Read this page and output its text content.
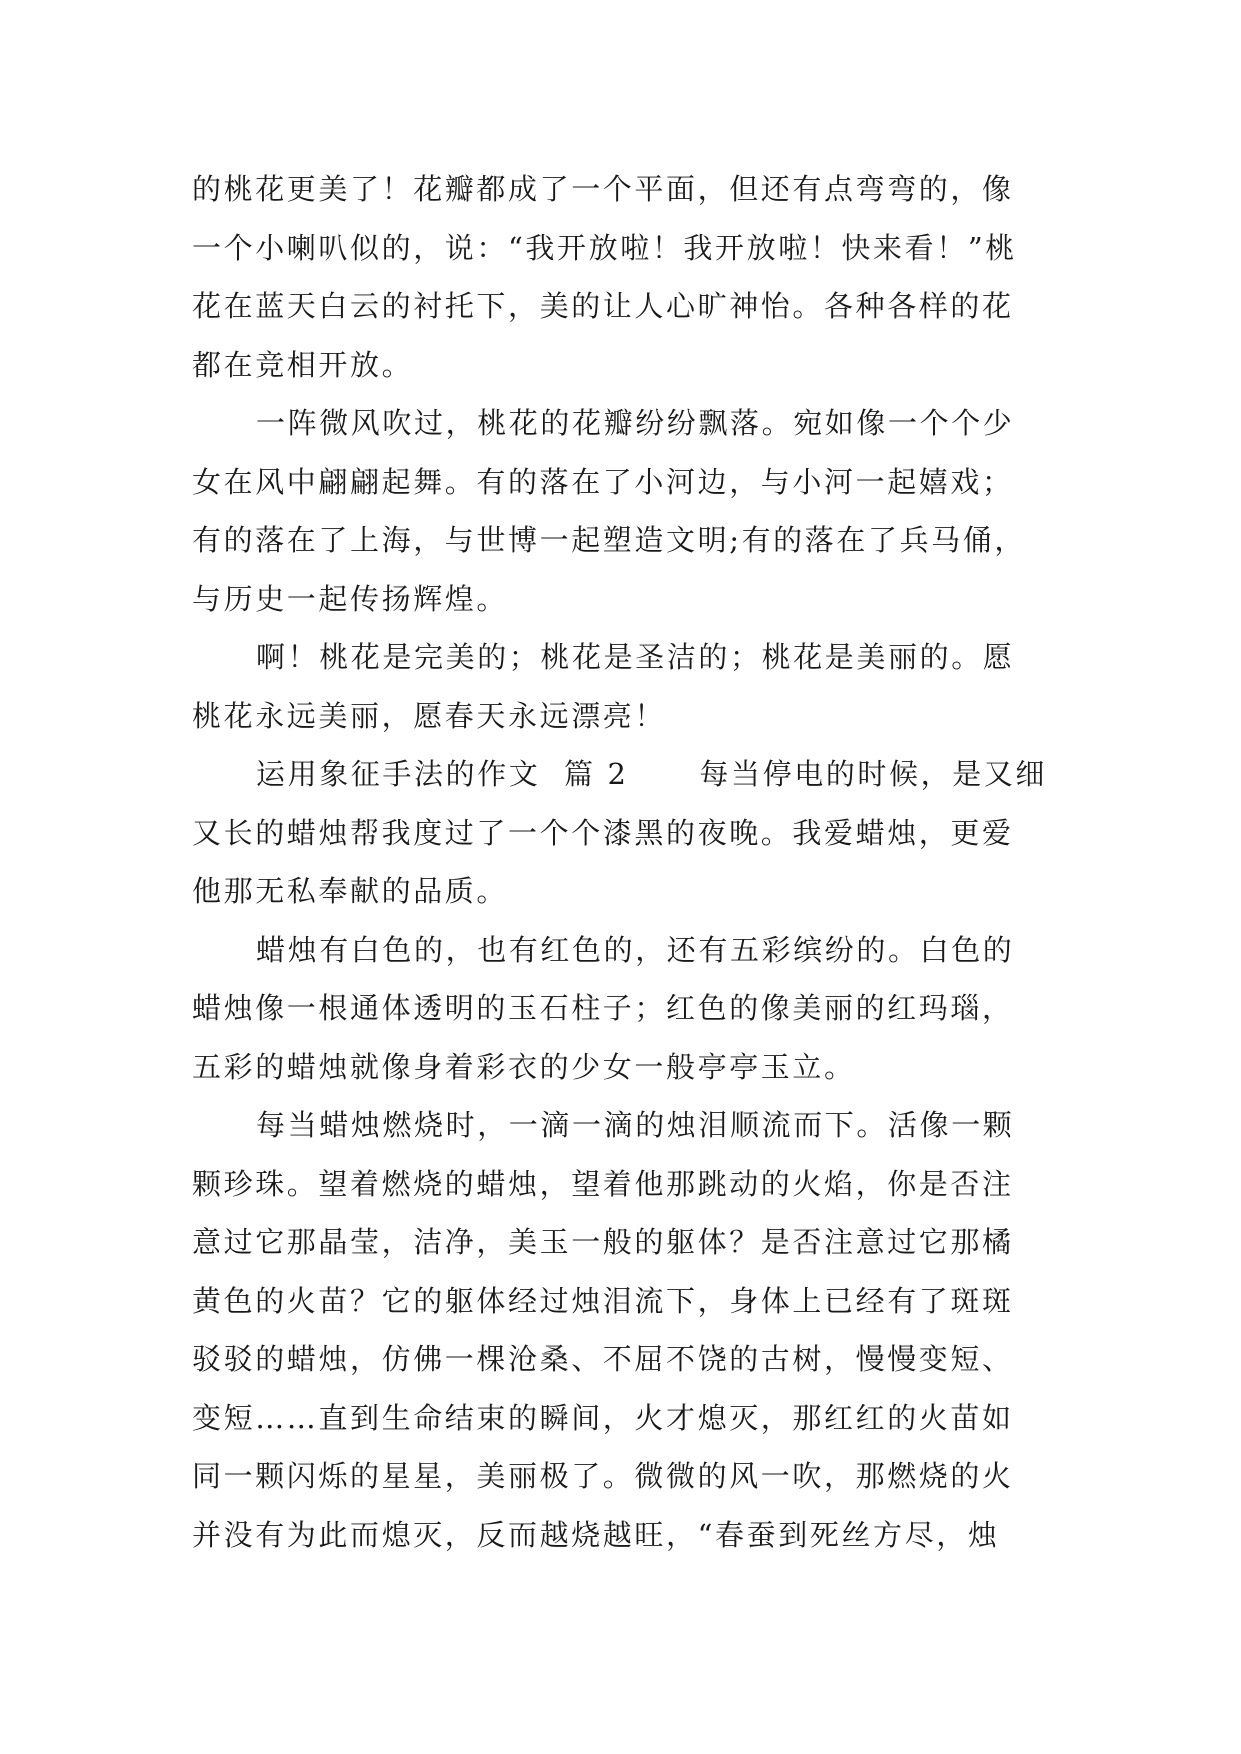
的桃花更美了！花瓣都成了一个平面，但还有点弯弯的，像
一个小喇叭似的，说：“我开放啦！我开放啦！快来看！”桃
花在蓝天白云的衬托下，美的让人心旷神怡。各种各样的花
都在竞相开放。
一阵微风吹过，桃花的花瓣纷纷飘落。宛如像一个个少
女在风中翩翩起舞。有的落在了小河边，与小河一起嬉戏；
有的落在了上海，与世博一起塑造文明;有的落在了兵马俑，
与历史一起传扬辉煌。
啊！桃花是完美的；桃花是圣洁的；桃花是美丽的。愿
桃花永远美丽，愿春天永远漂亮！
运用象征手法的作文  篇 2      每当停电的时候，是又细
又长的蜡烛帮我度过了一个个漆黑的夜晚。我爱蜡烛，更爱
他那无私奉献的品质。
蜡烛有白色的，也有红色的，还有五彩缤纷的。白色的
蜡烛像一根通体透明的玉石柱子；红色的像美丽的红玛瑙，
五彩的蜡烛就像身着彩衣的少女一般亭亭玉立。
每当蜡烛燃烧时，一滴一滴的烛泪顺流而下。活像一颗
颗珍珠。望着燃烧的蜡烛，望着他那跳动的火焰，你是否注
意过它那晶莹，洁净，美玉一般的躯体？是否注意过它那橘
黄色的火苗？它的躯体经过烛泪流下，身体上已经有了斑斑
驳驳的蜡烛，仿佛一棵沧桑、不屈不饶的古树，慢慢变短、
变短……直到生命结束的瞬间，火才熄灭，那红红的火苗如
同一颗闪烁的星星，美丽极了。微微的风一吹，那燃烧的火
并没有为此而熄灭，反而越烧越旺，“春蚕到死丝方尽，烛
